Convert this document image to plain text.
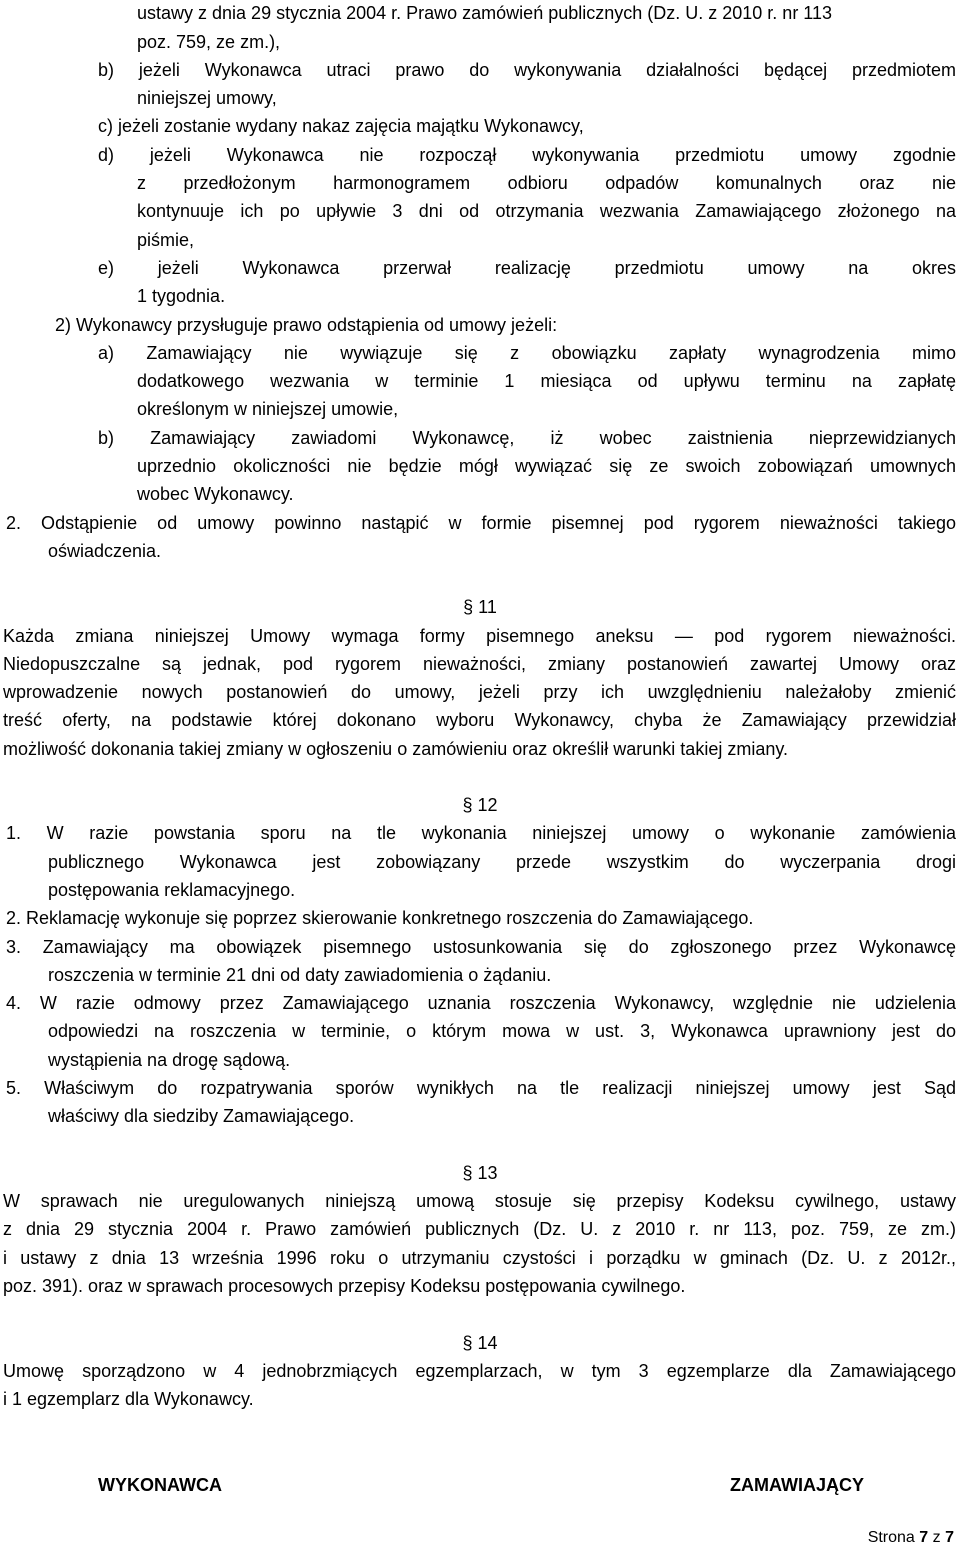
ustawy z dnia 29 stycznia 2004 r. Prawo zamówień publicznych (Dz. U. z 2010 r. nr 113
poz. 759, ze zm.),
b) jeżeli Wykonawca utraci prawo do wykonywania działalności będącej przedmiotem
niniejszej umowy,
c) jeżeli zostanie wydany nakaz zajęcia majątku Wykonawcy,
d) jeżeli Wykonawca nie rozpoczął wykonywania przedmiotu umowy zgodnie
z przedłożonym harmonogramem odbioru odpadów komunalnych oraz nie
kontynuuje ich po upływie 3 dni od otrzymania wezwania Zamawiającego złożonego na
piśmie,
e) jeżeli Wykonawca przerwał realizację przedmiotu umowy na okres
1 tygodnia.
2) Wykonawcy przysługuje prawo odstąpienia od umowy jeżeli:
a) Zamawiający nie wywiązuje się z obowiązku zapłaty wynagrodzenia mimo
dodatkowego wezwania w terminie 1 miesiąca od upływu terminu na zapłatę
określonym w niniejszej umowie,
b) Zamawiający zawiadomi Wykonawcę, iż wobec zaistnienia nieprzewidzianych
uprzednio okoliczności nie będzie mógł wywiązać się ze swoich zobowiązań umownych
wobec Wykonawcy.
2. Odstąpienie od umowy powinno nastąpić w formie pisemnej pod rygorem nieważności takiego
oświadczenia.
Każda zmiana niniejszej Umowy wymaga formy pisemnego aneksu — pod rygorem nieważności.
Niedopuszczalne są jednak, pod rygorem nieważności, zmiany postanowień zawartej Umowy oraz
wprowadzenie nowych postanowień do umowy, jeżeli przy ich uwzględnieniu należałoby zmienić
treść oferty, na podstawie której dokonano wyboru Wykonawcy, chyba że Zamawiający przewidział
możliwość dokonania takiej zmiany w ogłoszeniu o zamówieniu oraz określił warunki takiej zmiany.
1. W razie powstania sporu na tle wykonania niniejszej umowy o wykonanie zamówienia
publicznego Wykonawca jest zobowiązany przede wszystkim do wyczerpania drogi
postępowania reklamacyjnego.
2. Reklamację wykonuje się poprzez skierowanie konkretnego roszczenia do Zamawiającego.
3. Zamawiający ma obowiązek pisemnego ustosunkowania się do zgłoszonego przez Wykonawcę
roszczenia w terminie 21 dni od daty zawiadomienia o żądaniu.
4. W razie odmowy przez Zamawiającego uznania roszczenia Wykonawcy, względnie nie udzielenia
odpowiedzi na roszczenia w terminie, o którym mowa w ust. 3, Wykonawca uprawniony jest do
wystąpienia na drogę sądową.
5. Właściwym do rozpatrywania sporów wynikłych na tle realizacji niniejszej umowy jest Sąd
właściwy dla siedziby Zamawiającego.
W sprawach nie uregulowanych niniejszą umową stosuje się przepisy Kodeksu cywilnego, ustawy
z dnia 29 stycznia 2004 r. Prawo zamówień publicznych (Dz. U. z 2010 r. nr 113, poz. 759, ze zm.)
i ustawy z dnia 13 września 1996 roku o utrzymaniu czystości i porządku w gminach (Dz. U. z 2012r.,
poz. 391). oraz w sprawach procesowych przepisy Kodeksu postępowania cywilnego.
Umowę sporządzono w 4 jednobrzmiących egzemplarzach, w tym 3 egzemplarze dla Zamawiającego
i 1 egzemplarz dla Wykonawcy.
§ 11
§ 12
§ 13
§ 14
WYKONAWCA	ZAMAWIAJĄCY
Strona 7 z 7
